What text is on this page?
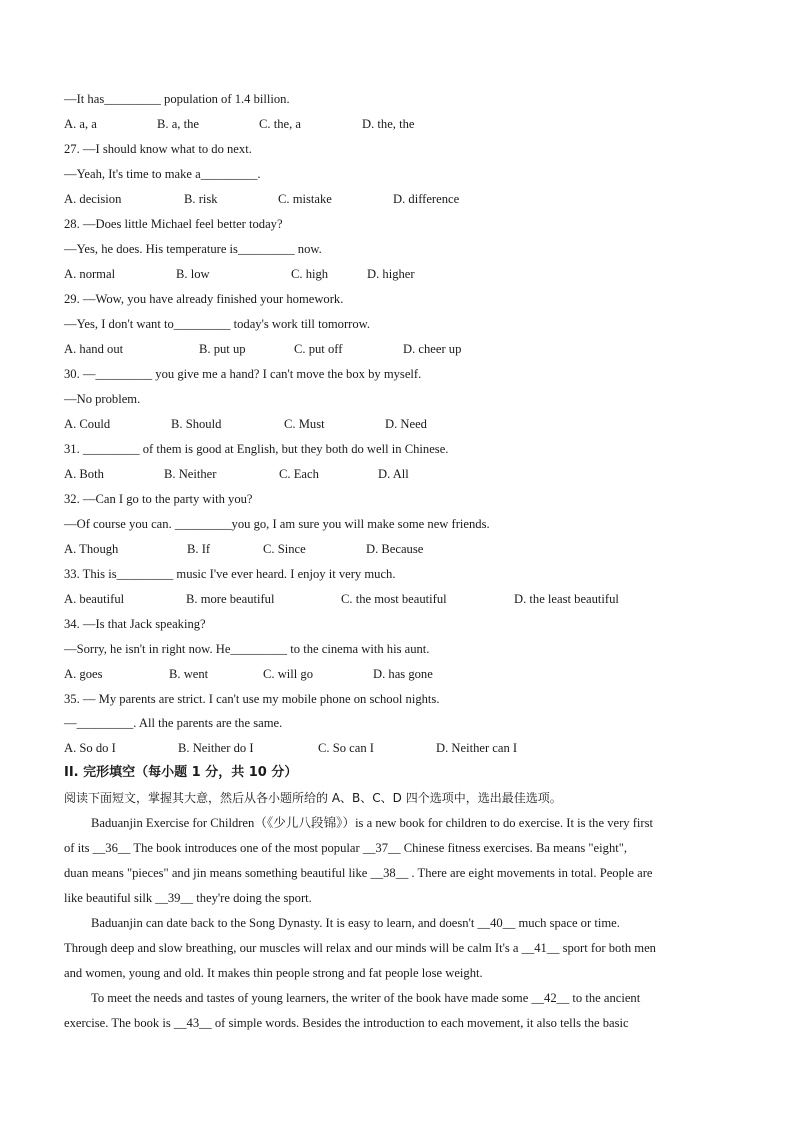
—It has_________ population of 1.4 billion.
A. a, a	B. a, the	C. the, a	D. the, the
27. —I should know what to do next.
—Yeah, It's time to make a_________.
A. decision	B. risk	C. mistake	D. difference
28. —Does little Michael feel better today?
—Yes, he does. His temperature is_________ now.
A. normal	B. low	C. high	D. higher
29. —Wow, you have already finished your homework.
—Yes, I don't want to_________ today's work till tomorrow.
A. hand out	B. put up	C. put off	D. cheer up
30. —_________ you give me a hand? I can't move the box by myself.
—No problem.
A. Could	B. Should	C. Must	D. Need
31. _________ of them is good at English, but they both do well in Chinese.
A. Both	B. Neither	C. Each	D. All
32. —Can I go to the party with you?
—Of course you can. _________you go, I am sure you will make some new friends.
A. Though	B. If	C. Since	D. Because
33. This is_________ music I've ever heard. I enjoy it very much.
A. beautiful	B. more beautiful	C. the most beautiful	D. the least beautiful
34. —Is that Jack speaking?
—Sorry, he isn't in right now. He_________ to the cinema with his aunt.
A. goes	B. went	C. will go	D. has gone
35. — My parents are strict. I can't use my mobile phone on school nights.
—_________. All the parents are the same.
A. So do I	B. Neither do I	C. So can I	D. Neither can I
II. 完形填空（每小题 1 分，共 10 分）
阅读下面短文，掌握其大意，然后从各小题所给的 A、B、C、D 四个选项中，选出最佳选项。
Baduanjin Exercise for Children（《少儿八段锦》）is a new book for children to do exercise. It is the very first
of its __36__ The book introduces one of the most popular __37__ Chinese fitness exercises. Ba means "eight",
duan means "pieces" and jin means something beautiful like __38__ . There are eight movements in total. People are
like beautiful silk __39__ they're doing the sport.
Baduanjin can date back to the Song Dynasty. It is easy to learn, and doesn't __40__ much space or time.
Through deep and slow breathing, our muscles will relax and our minds will be calm It's a __41__ sport for both men
and women, young and old. It makes thin people strong and fat people lose weight.
To meet the needs and tastes of young learners, the writer of the book have made some __42__ to the ancient
exercise. The book is __43__ of simple words. Besides the introduction to each movement, it also tells the basic
